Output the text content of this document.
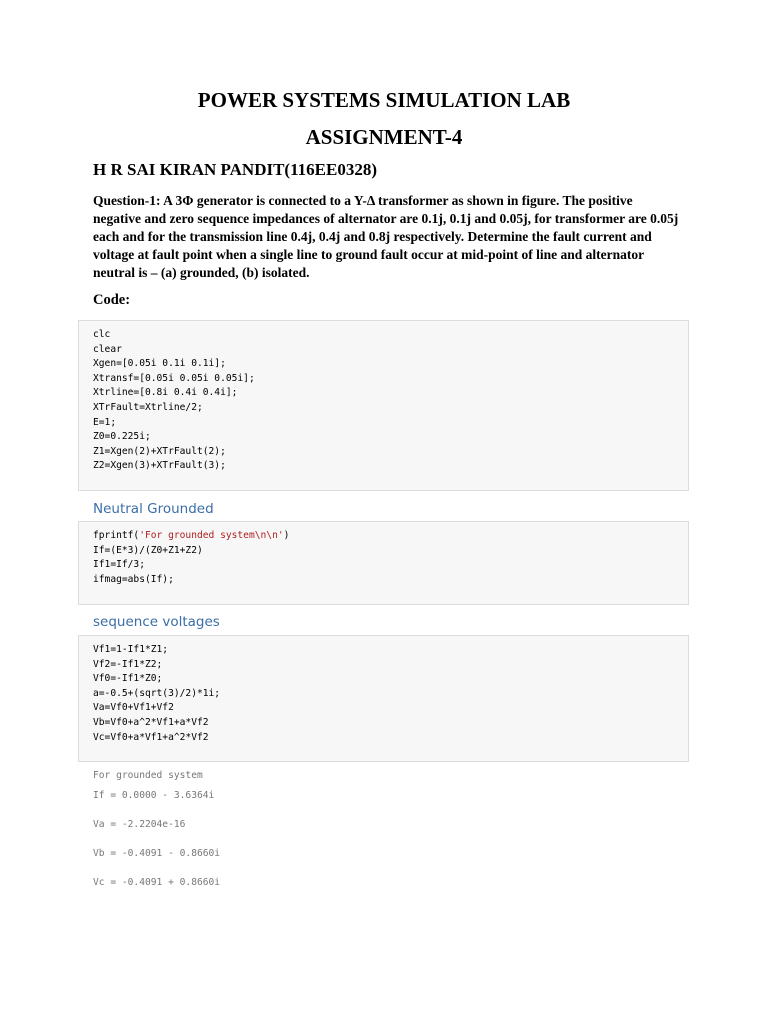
POWER SYSTEMS SIMULATION LAB
ASSIGNMENT-4
H R SAI KIRAN PANDIT(116EE0328)

Question-1: A 3Φ generator is connected to a Y-Δ transformer as shown in figure. The positive negative and zero sequence impedances of alternator are 0.1j, 0.1j and 0.05j, for transformer are 0.05j each and for the transmission line 0.4j, 0.4j and 0.8j respectively. Determine the fault current and voltage at fault point when a single line to ground fault occur at mid-point of line and alternator neutral is – (a) grounded, (b) isolated.

Code:
clc
clear
Xgen=[0.05i 0.1i 0.1i];
Xtransf=[0.05i 0.05i 0.05i];
Xtrline=[0.8i 0.4i 0.4i];
XTrFault=Xtrline/2;
E=1;
Z0=0.225i;
Z1=Xgen(2)+XTrFault(2);
Z2=Xgen(3)+XTrFault(3);
Neutral Grounded
fprintf('For grounded system\n\n')
If=(E*3)/(Z0+Z1+Z2)
If1=If/3;
ifmag=abs(If);
sequence voltages
Vf1=1-If1*Z1;
Vf2=-If1*Z2;
Vf0=-If1*Z0;
a=-0.5+(sqrt(3)/2)*1i;
Va=Vf0+Vf1+Vf2
Vb=Vf0+a^2*Vf1+a*Vf2
Vc=Vf0+a*Vf1+a^2*Vf2
For grounded system
If = 0.0000 - 3.6364i
Va = -2.2204e-16
Vb = -0.4091 - 0.8660i
Vc = -0.4091 + 0.8660i
